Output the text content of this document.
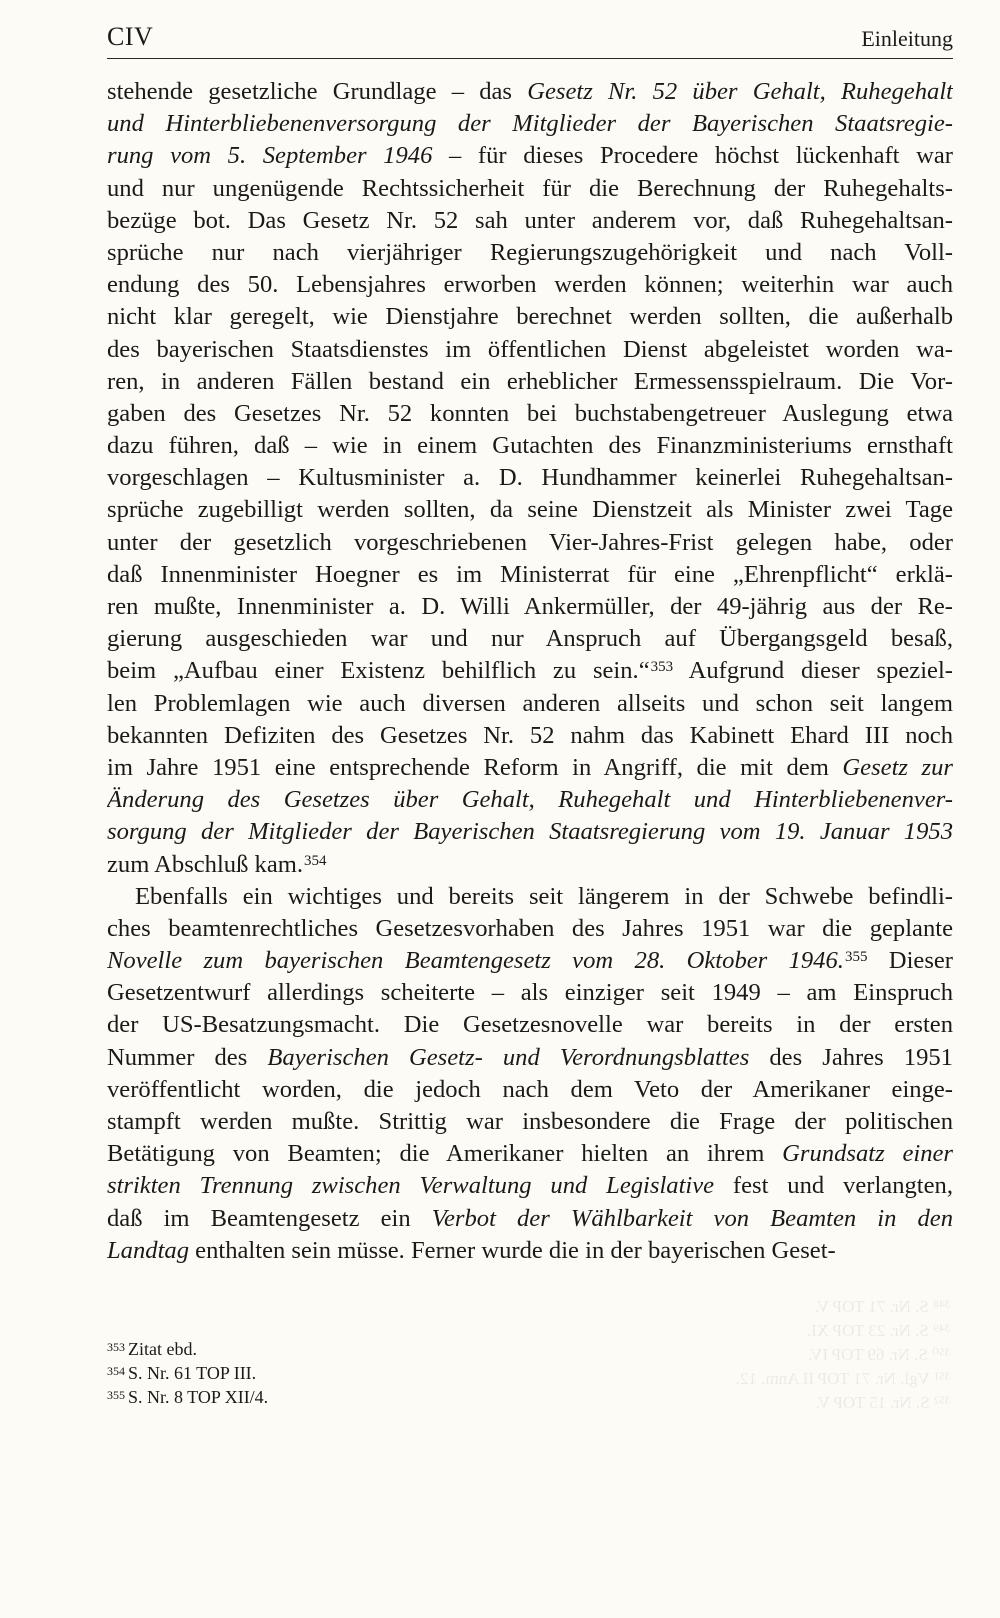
CIV	Einleitung
stehende gesetzliche Grundlage – das Gesetz Nr. 52 über Gehalt, Ruhegehalt
und Hinterbliebenenversorgung der Mitglieder der Bayerischen Staatsregie-
rung vom 5. September 1946 – für dieses Procedere höchst lückenhaft war
und nur ungenügende Rechtssicherheit für die Berechnung der Ruhegehalts-
bezüge bot. Das Gesetz Nr. 52 sah unter anderem vor, daß Ruhegehaltsan-
sprüche nur nach vierjähriger Regierungszugehörigkeit und nach Voll-
endung des 50. Lebensjahres erworben werden können; weiterhin war auch
nicht klar geregelt, wie Dienstjahre berechnet werden sollten, die außerhalb
des bayerischen Staatsdienstes im öffentlichen Dienst abgeleistet worden wa-
ren, in anderen Fällen bestand ein erheblicher Ermessensspielraum. Die Vor-
gaben des Gesetzes Nr. 52 konnten bei buchstabengetreuer Auslegung etwa
dazu führen, daß – wie in einem Gutachten des Finanzministeriums ernsthaft
vorgeschlagen – Kultusminister a. D. Hundhammer keinerlei Ruhegehaltsan-
sprüche zugebilligt werden sollten, da seine Dienstzeit als Minister zwei Tage
unter der gesetzlich vorgeschriebenen Vier-Jahres-Frist gelegen habe, oder
daß Innenminister Hoegner es im Ministerrat für eine „Ehrenpflicht“ erklä-
ren mußte, Innenminister a. D. Willi Ankermüller, der 49-jährig aus der Re-
gierung ausgeschieden war und nur Anspruch auf Übergangsgeld besaß,
beim „Aufbau einer Existenz behilflich zu sein.“$^{353}$ Aufgrund dieser speziel-
len Problemlagen wie auch diversen anderen allseits und schon seit langem
bekannten Defiziten des Gesetzes Nr. 52 nahm das Kabinett Ehard III noch
im Jahre 1951 eine entsprechende Reform in Angriff, die mit dem Gesetz zur
Änderung des Gesetzes über Gehalt, Ruhegehalt und Hinterbliebenenver-
sorgung der Mitglieder der Bayerischen Staatsregierung vom 19. Januar 1953
zum Abschluß kam.$^{354}$
Ebenfalls ein wichtiges und bereits seit längerem in der Schwebe befindli-
ches beamtenrechtliches Gesetzesvorhaben des Jahres 1951 war die geplante
Novelle zum bayerischen Beamtengesetz vom 28. Oktober 1946.$^{355}$ Dieser
Gesetzentwurf allerdings scheiterte – als einziger seit 1949 – am Einspruch
der US-Besatzungsmacht. Die Gesetzesnovelle war bereits in der ersten
Nummer des Bayerischen Gesetz- und Verordnungsblattes des Jahres 1951
veröffentlicht worden, die jedoch nach dem Veto der Amerikaner einge-
stampft werden mußte. Strittig war insbesondere die Frage der politischen
Betätigung von Beamten; die Amerikaner hielten an ihrem Grundsatz einer
strikten Trennung zwischen Verwaltung und Legislative fest und verlangten,
daß im Beamtengesetz ein Verbot der Wählbarkeit von Beamten in den
Landtag enthalten sein müsse. Ferner wurde die in der bayerischen Geset-
$^{353}$ Zitat ebd.
$^{354}$ S. Nr. 61 TOP III.
$^{355}$ S. Nr. 8 TOP XII/4.
³⁴⁸ S. Nr. 71 TOP V.
³⁴⁹ S. Nr. 23 TOP XI.
³⁵⁰ S. Nr. 69 TOP IV.
³⁵¹ Vgl. Nr. 71 TOP II Anm. 12.
³⁵² S. Nr. 15 TOP V.
